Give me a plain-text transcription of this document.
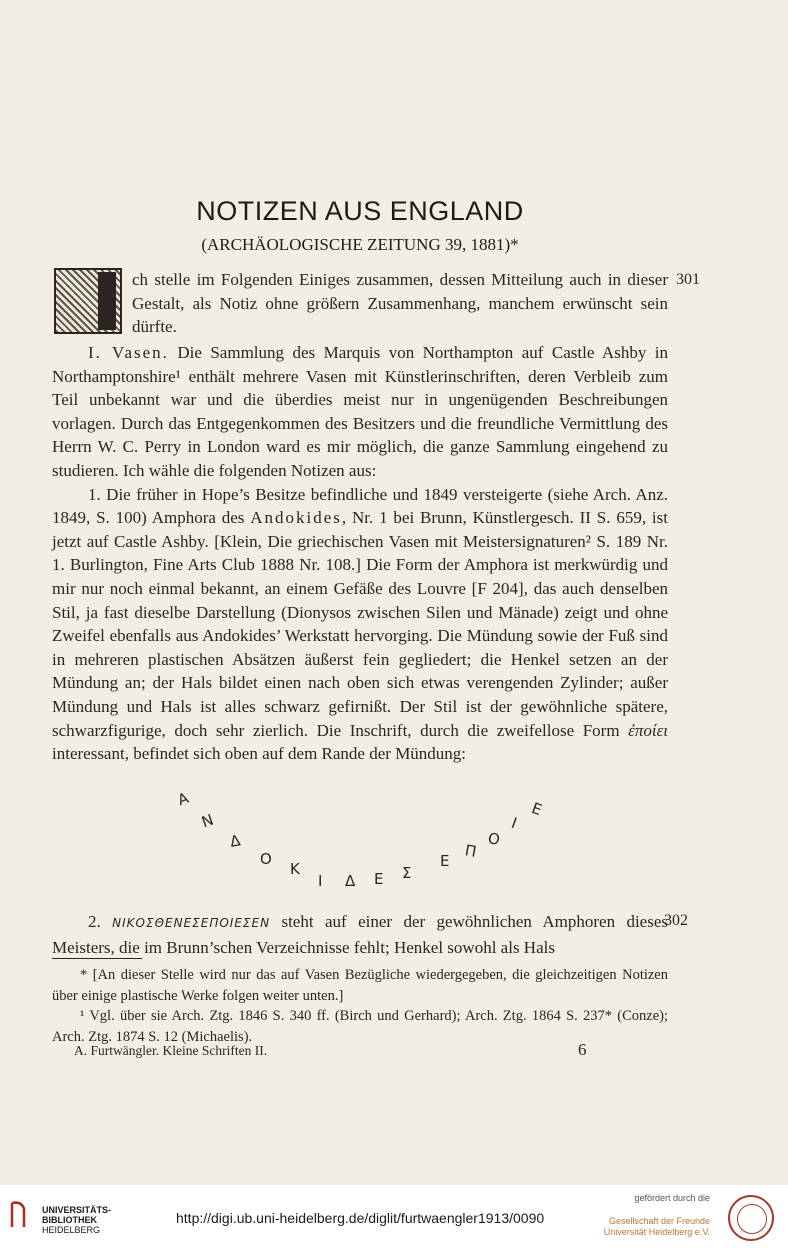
NOTIZEN AUS ENGLAND
(ARCHÄOLOGISCHE ZEITUNG 39, 1881)*
ch stelle im Folgenden Einiges zusammen, dessen Mitteilung auch in dieser Gestalt, als Notiz ohne größern Zusammenhang, manchem erwünscht sein dürfte.
301

I. Vasen. Die Sammlung des Marquis von Northampton auf Castle Ashby in Northamptonshire¹ enthält mehrere Vasen mit Künstlerinschriften, deren Verbleib zum Teil unbekannt war und die überdies meist nur in ungenügenden Beschreibungen vorlagen. Durch das Entgegenkommen des Besitzers und die freundliche Vermittlung des Herrn W. C. Perry in London ward es mir möglich, die ganze Sammlung eingehend zu studieren. Ich wähle die folgenden Notizen aus:

1. Die früher in Hope’s Besitze befindliche und 1849 versteigerte (siehe Arch. Anz. 1849, S. 100) Amphora des Andokides, Nr. 1 bei Brunn, Künstlergesch. II S. 659, ist jetzt auf Castle Ashby. [Klein, Die griechischen Vasen mit Meistersignaturen² S. 189 Nr. 1. Burlington, Fine Arts Club 1888 Nr. 108.] Die Form der Amphora ist merkwürdig und mir nur noch einmal bekannt, an einem Gefäße des Louvre [F 204], das auch denselben Stil, ja fast dieselbe Darstellung (Dionysos zwischen Silen und Mänade) zeigt und ohne Zweifel ebenfalls aus Andokides’ Werkstatt hervorging. Die Mündung sowie der Fuß sind in mehreren plastischen Absätzen äußerst fein gegliedert; die Henkel setzen an der Mündung an; der Hals bildet einen nach oben sich etwas verengenden Zylinder; außer Mündung und Hals ist alles schwarz gefirnißt. Der Stil ist der gewöhnliche spätere, schwarzfigurige, doch sehr zierlich. Die Inschrift, durch die zweifellose Form ἐποίει interessant, befindet sich oben auf dem Rande der Mündung:

Α
Ν
Δ
Ο
Κ
Ι Δ Ε Σ
Ε
Π
Ο
Ι
Ε

2. ΝΙΚΟΣΘΕΝΕΣΕΠΟΙΕΣΕΝ steht auf einer der gewöhnlichen Amphoren dieses Meisters, die im Brunn’schen Verzeichnisse fehlt; Henkel sowohl als Hals

302
* [An dieser Stelle wird nur das auf Vasen Bezügliche wiedergegeben, die gleichzeitigen Notizen über einige plastische Werke folgen weiter unten.]
¹ Vgl. über sie Arch. Ztg. 1846 S. 340 ff. (Birch und Gerhard); Arch. Ztg. 1864 S. 237* (Conze); Arch. Ztg. 1874 S. 12 (Michaelis).
A. Furtwängler. Kleine Schriften II.	6
UNIVERSITÄTS-
BIBLIOTHEK
HEIDELBERG
http://digi.ub.uni-heidelberg.de/diglit/furtwaengler1913/0090
gefördert durch die
Gesellschaft der Freunde
Universität Heidelberg e.V.
